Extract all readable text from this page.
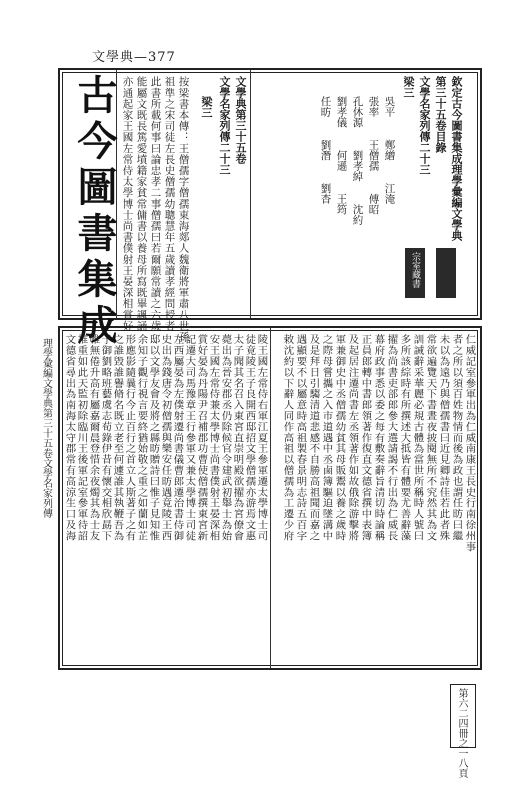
文學典—377
古今圖書集成	欽定古今圖書集成理學彙編文學典
第三十五卷目錄
文學名家列傳二十三
梁三
吳平　 鄭繒　 江淹
張率　 王僧孺　 傅昭
孔休源　 劉孝綽　 沈約
劉孝儀　 何遜　 王筠
任昉　 劉潛　 劉杳
文學典第三十五卷
文學名家列傳二十三
梁三
按梁書本傳：王僧孺字僧孺東海郯人魏衛將軍肅八世孫
祖準之宋司徒左長史僧孺幼聰慧年五歲讀孝經問授者
此書所載何事曰論忠孝二事僧孺曰若爾願常讀之六歲
能屬文既長篤愛墳籍家貧常傭書以養母所寫既畢諷誦
亦通起家王國左常侍太學博士尚書僕射王晏深相賞好	宗室藏書
仁威記室參軍出為仁威南康王長史行南徐州事
者之所以須百姓物情而後為政也謂任昉曰繼
未以為遠乃與僧孺書曰近見卿詩佳若此者殊
常欲遍覽天下書晝夜披閱無所不究然其為文
訓誡辭采華麗必規古體為當世所稱時人號曰
多所該綜時有所撰述大抵皆有體要尤善辭藻
擢為尚書吏部郎參大選請謁不行出為仁威長
幕府政事悉以委之每有敷奏辭旨清切時論稱
正員郎轉中書郎領著作復直文德省撰中表簿
及起居注遷尚書左丞領著作如故俄除游擊將
軍兼御史中丞僧孺幼貧其母販鬻以養之歲時
之際母嘗攜之入市道遇中丞鹵簿驅迫墜溝中
及是拜日引騶清道悲感不自勝高祖聞而嘉之
遇顯要不以屬意時高祖製春景明志詩五百字
敕沈約以下辭人同作高祖以僧孺為工遷少府
陵王國左常侍右軍江夏王參軍遷太學博士司
徒竟陵王子良開西邸招文學僧孺亦游焉文惠
太子聞其名召入東宮直崇明殿欲擢為宮僚會
薨出為晉安郡丞仍除候官令建武初舉士為始
安王國左常侍兼太學博士尚書僕射王晏深相
賞好晏為丹陽尹召補郡功曹使僧孺撰東宮新
記遷大司馬豫章王行參軍又兼太學博士司徒
左西屬晏為左僕射遷尚書儀曹郎遷治書侍御
史出為錢唐令初僧孺與樂安任昉遇竟陵王西
邸以文學友會及將之縣昉贈詩曰惟子見知惟
余知子觀行視言要終猶始敬之重之如蘭如芷
形應影隨曩行今止百行之首立人斯著子之有
之誰毀誰譽脩名既立老至何遽誰其執鞭吾為
子御劉略班藝虞志荀錄伊昔有懷交相欣勗下
帷無倦升高有屬嘉爾晨登惜余夜燭其為士友
推重如此天監初除臨川王後軍記室參軍待詔
文德省尋出為南海太守郡常有高涼生口及海
理學彙編文學典第三十五卷文學名家列傳
第六二四冊之一八頁
